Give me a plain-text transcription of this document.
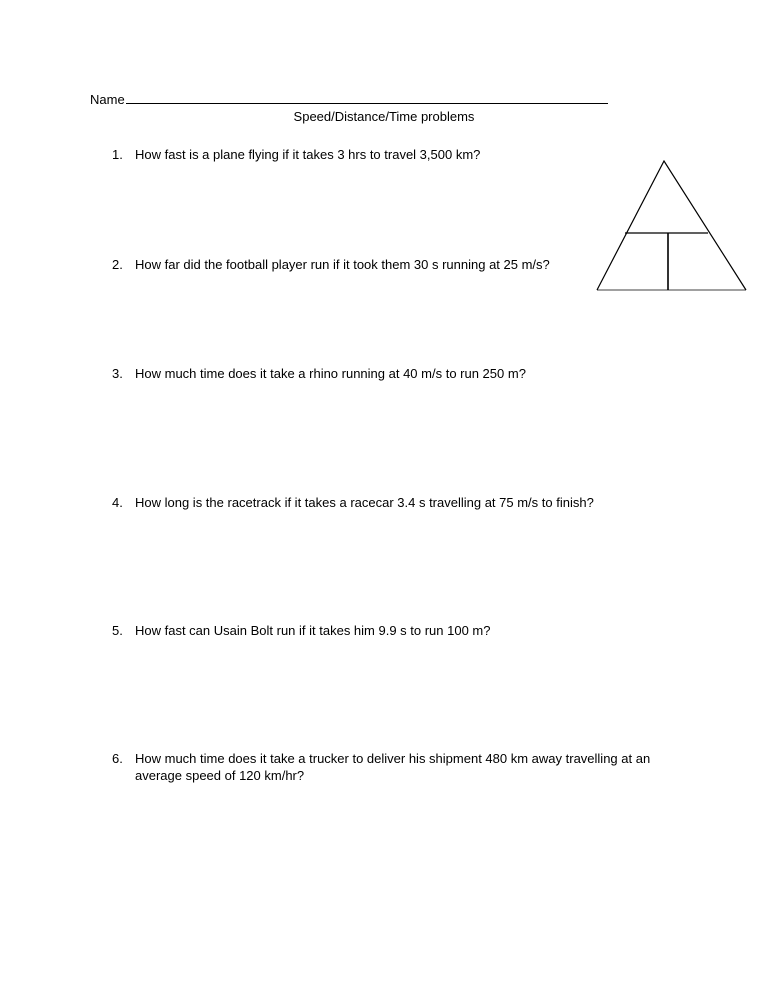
Name
Speed/Distance/Time problems
1. How fast is a plane flying if it takes 3 hrs to travel 3,500 km?
2. How far did the football player run if it took them 30 s running at 25 m/s?
3. How much time does it take a rhino running at 40 m/s to run 250 m?
4. How long is the racetrack if it takes a racecar 3.4 s travelling at 75 m/s to finish?
5. How fast can Usain Bolt run if it takes him 9.9 s to run 100 m?
6. How much time does it take a trucker to deliver his shipment 480 km away travelling at an average speed of 120 km/hr?
